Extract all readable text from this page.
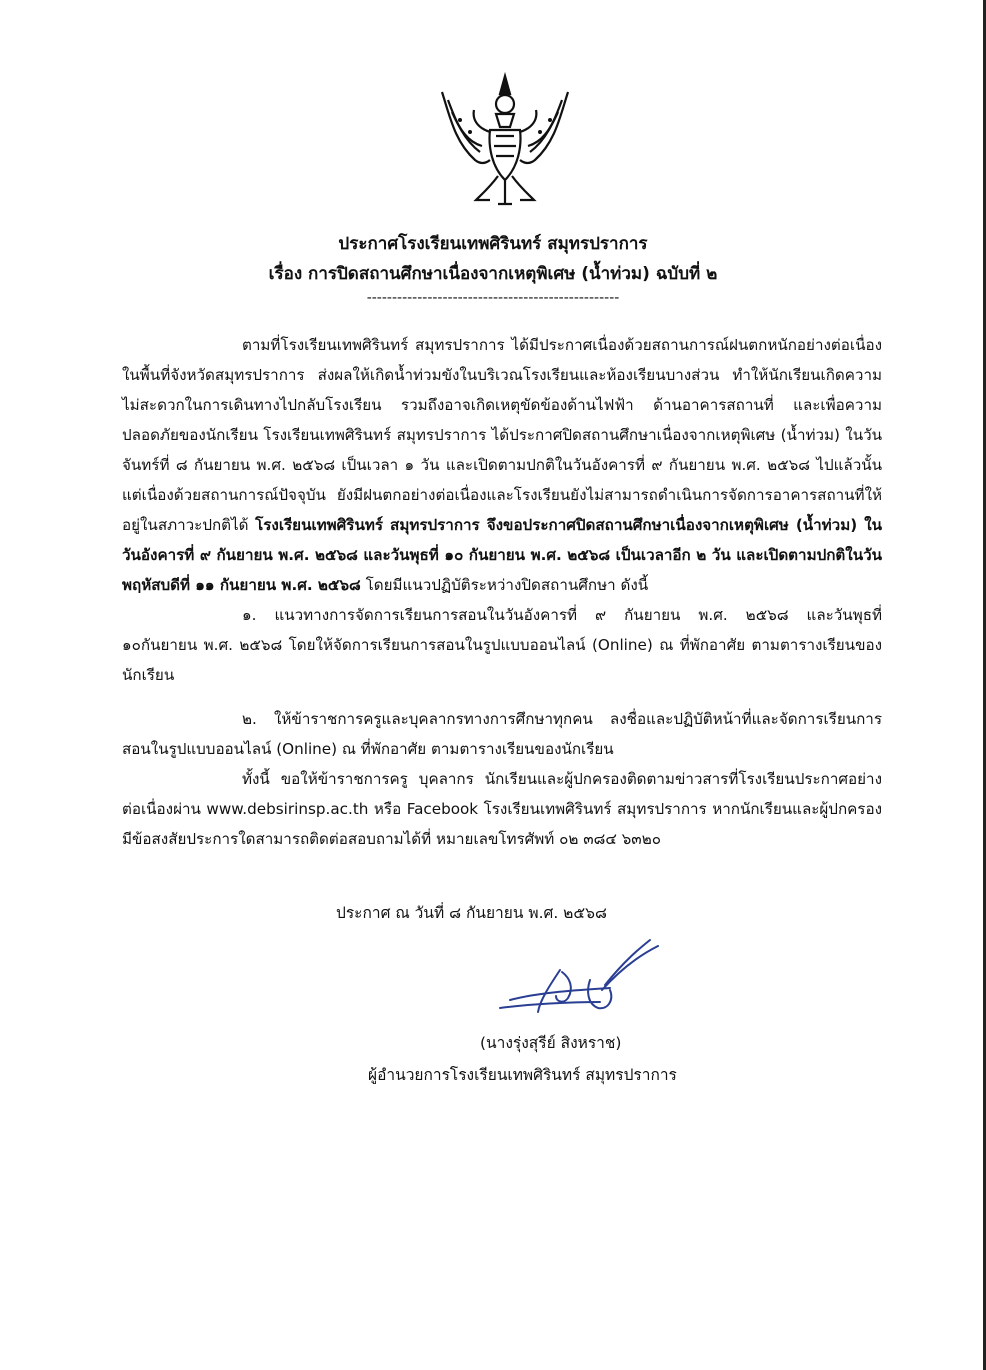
ประกาศโรงเรียนเทพศิรินทร์ สมุทรปราการ
เรื่อง การปิดสถานศึกษาเนื่องจากเหตุพิเศษ (น้ำท่วม) ฉบับที่ ๒
--------------------------------------------------

ตามที่โรงเรียนเทพศิรินทร์ สมุทรปราการ ได้มีประกาศเนื่องด้วยสถานการณ์ฝนตกหนักอย่างต่อเนื่องในพื้นที่จังหวัดสมุทรปราการ ส่งผลให้เกิดน้ำท่วมขังในบริเวณโรงเรียนและห้องเรียนบางส่วน ทำให้นักเรียนเกิดความไม่สะดวกในการเดินทางไปกลับโรงเรียน รวมถึงอาจเกิดเหตุขัดข้องด้านไฟฟ้า ด้านอาคารสถานที่ และเพื่อความปลอดภัยของนักเรียน โรงเรียนเทพศิรินทร์ สมุทรปราการ ได้ประกาศปิดสถานศึกษาเนื่องจากเหตุพิเศษ (น้ำท่วม) ในวันจันทร์ที่ ๘ กันยายน พ.ศ. ๒๕๖๘ เป็นเวลา ๑ วัน และเปิดตามปกติในวันอังคารที่ ๙ กันยายน พ.ศ. ๒๕๖๘ ไปแล้วนั้น แต่เนื่องด้วยสถานการณ์ปัจจุบัน ยังมีฝนตกอย่างต่อเนื่องและโรงเรียนยังไม่สามารถดำเนินการจัดการอาคารสถานที่ให้อยู่ในสภาวะปกติได้ โรงเรียนเทพศิรินทร์ สมุทรปราการ จึงขอประกาศปิดสถานศึกษาเนื่องจากเหตุพิเศษ (น้ำท่วม) ในวันอังคารที่ ๙ กันยายน พ.ศ. ๒๕๖๘ และวันพุธที่ ๑๐ กันยายน พ.ศ. ๒๕๖๘ เป็นเวลาอีก ๒ วัน และเปิดตามปกติในวันพฤหัสบดีที่ ๑๑ กันยายน พ.ศ. ๒๕๖๘ โดยมีแนวปฏิบัติระหว่างปิดสถานศึกษา ดังนี้

๑. แนวทางการจัดการเรียนการสอนในวันอังคารที่ ๙ กันยายน พ.ศ. ๒๕๖๘ และวันพุธที่ ๑๐กันยายน พ.ศ. ๒๕๖๘ โดยให้จัดการเรียนการสอนในรูปแบบออนไลน์ (Online) ณ ที่พักอาศัย ตามตารางเรียนของนักเรียน

๒. ให้ข้าราชการครูและบุคลากรทางการศึกษาทุกคน ลงชื่อและปฏิบัติหน้าที่และจัดการเรียนการสอนในรูปแบบออนไลน์ (Online) ณ ที่พักอาศัย ตามตารางเรียนของนักเรียน

ทั้งนี้ ขอให้ข้าราชการครู บุคลากร นักเรียนและผู้ปกครองติดตามข่าวสารที่โรงเรียนประกาศอย่างต่อเนื่องผ่าน www.debsirinsp.ac.th หรือ Facebook โรงเรียนเทพศิรินทร์ สมุทรปราการ หากนักเรียนและผู้ปกครองมีข้อสงสัยประการใดสามารถติดต่อสอบถามได้ที่ หมายเลขโทรศัพท์ ๐๒ ๓๘๔ ๖๓๒๐

ประกาศ ณ วันที่ ๘ กันยายน พ.ศ. ๒๕๖๘
(นางรุ่งสุรีย์ สิงหราช)
ผู้อำนวยการโรงเรียนเทพศิรินทร์ สมุทรปราการ
